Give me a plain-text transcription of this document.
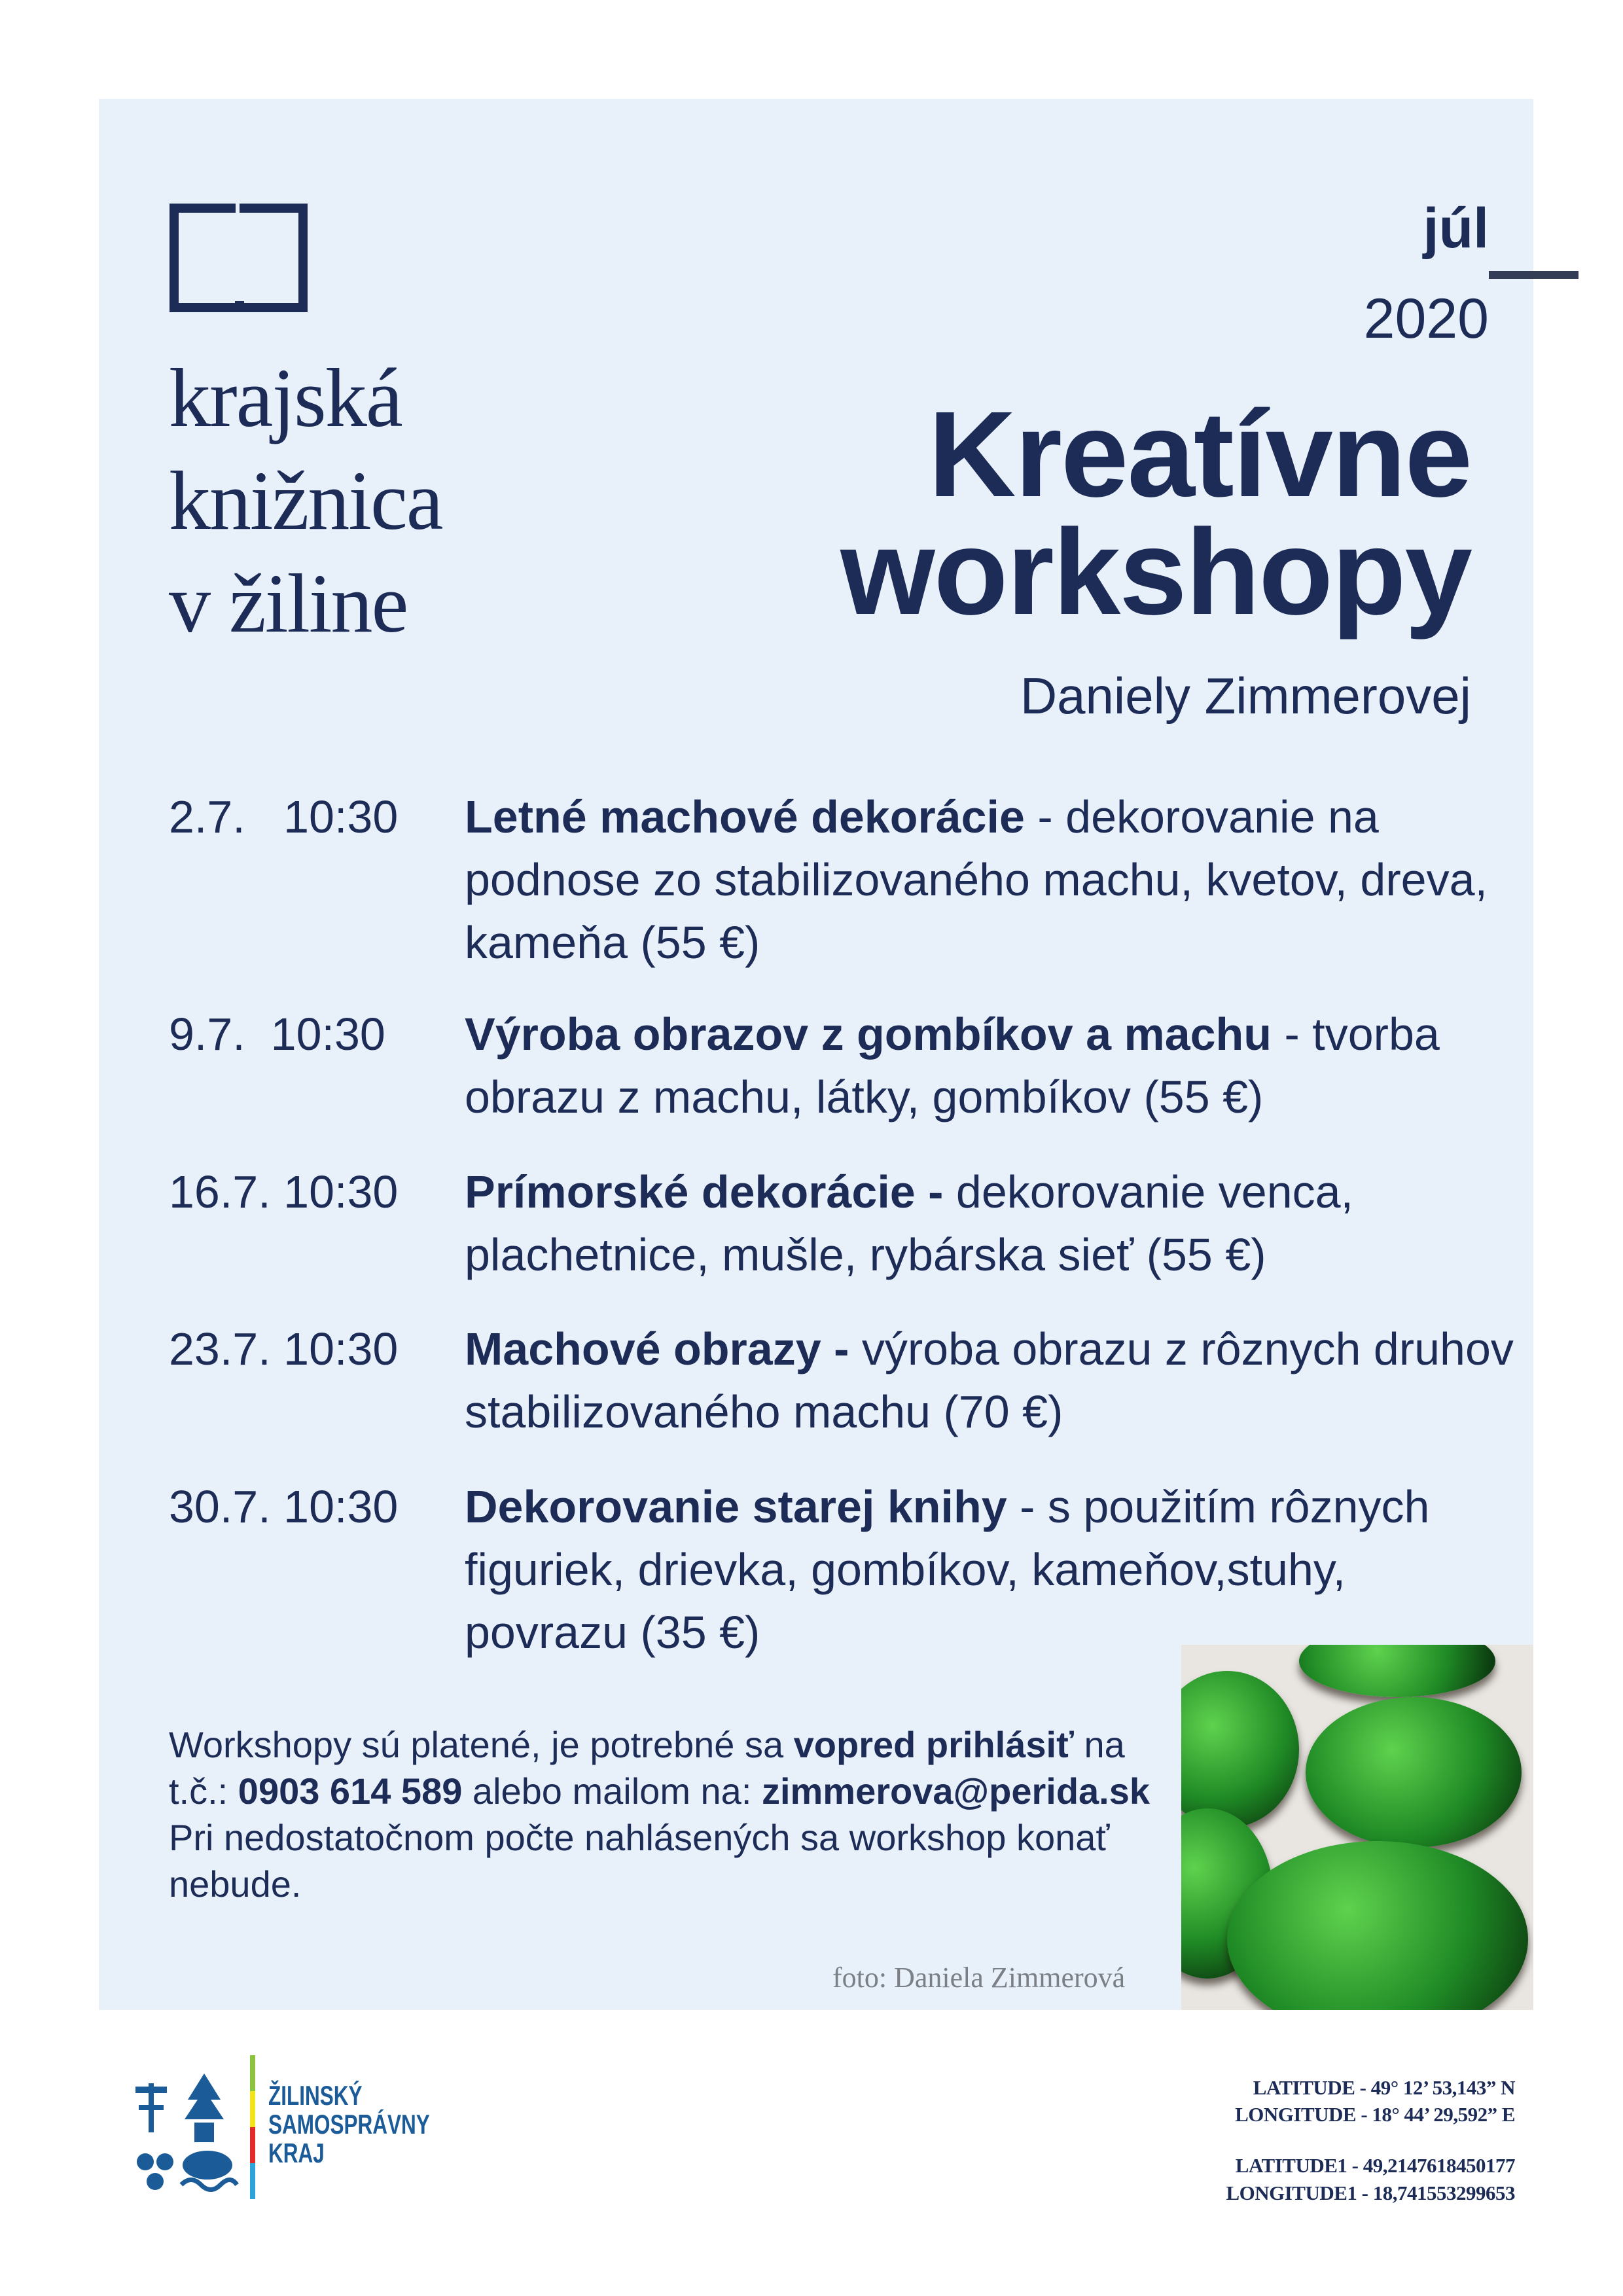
krajská
knižnica
v žiline
júl
2020
Kreatívne
workshopy
Daniely Zimmerovej
2.7.   10:30 Letné machové dekorácie - dekorovanie na podnose zo stabilizovaného machu, kvetov, dreva, kameňa (55 €)
9.7.  10:30 Výroba obrazov z gombíkov a machu - tvorba obrazu z machu, látky, gombíkov (55 €)
16.7. 10:30 Prímorské dekorácie - dekorovanie venca, plachetnice, mušle, rybárska sieť (55 €)
23.7. 10:30 Machové obrazy - výroba obrazu z rôznych druhov stabilizovaného machu (70 €)
30.7. 10:30 Dekorovanie starej knihy - s použitím rôznych figuriek, drievka, gombíkov, kameňov,stuhy, povrazu (35 €)
Workshopy sú platené, je potrebné sa vopred prihlásiť na t.č.: 0903 614 589 alebo mailom na: zimmerova@perida.sk Pri nedostatočnom počte nahlásených sa workshop konať nebude.
foto: Daniela Zimmerová
ŽILINSKÝ
SAMOSPRÁVNY
KRAJ
LATITUDE - 49° 12’ 53,143” N
LONGITUDE - 18° 44’ 29,592” E
LATITUDE1 - 49,2147618450177
LONGITUDE1 - 18,741553299653
